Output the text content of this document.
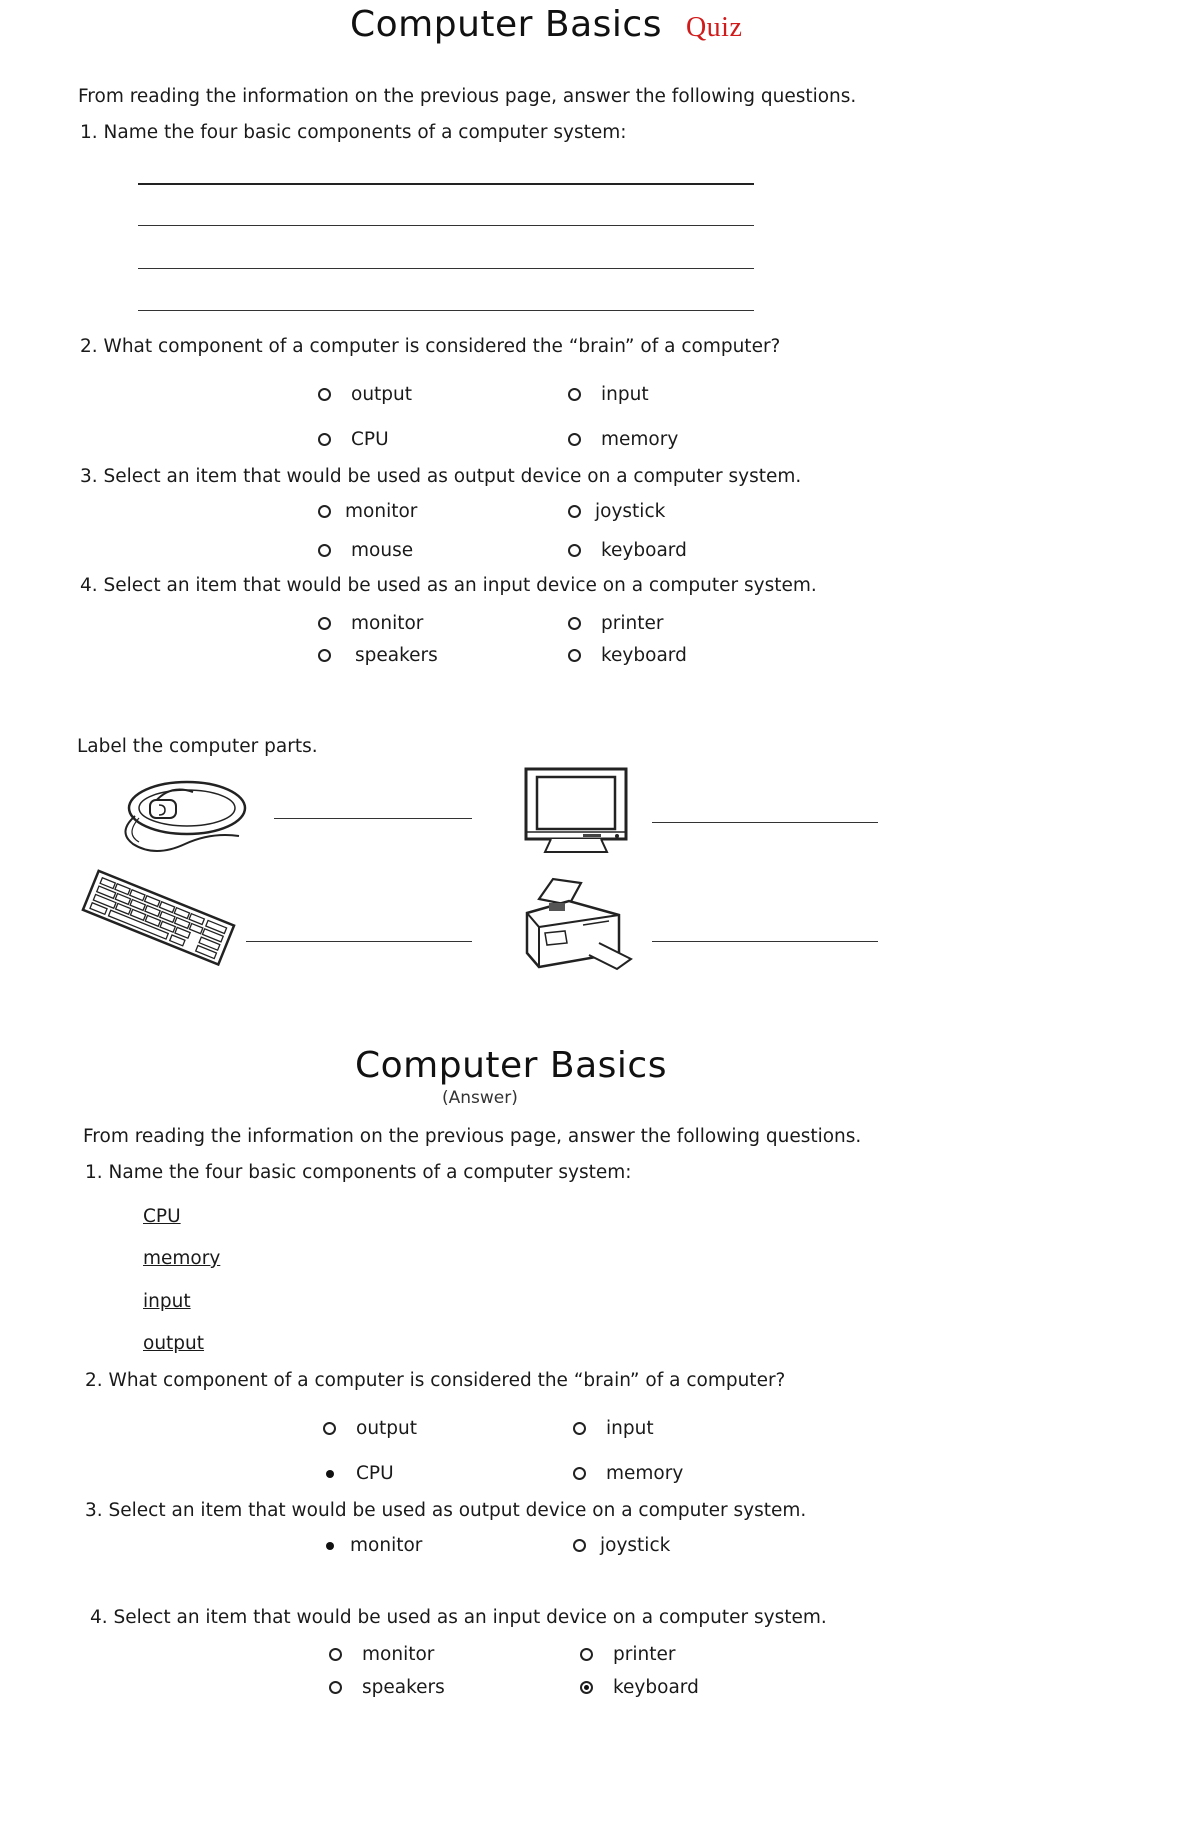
Computer Basics Quiz
From reading the information on the previous page, answer the following questions.
1. Name the four basic components of a computer system:
2. What component of a computer is considered the “brain” of a computer?
output	input
CPU	memory
3. Select an item that would be used as output device on a computer system.
monitor	joystick
mouse	keyboard
4. Select an item that would be used as an input device on a computer system.
monitor	printer
speakers	keyboard
Label the computer parts.
Computer Basics
(Answer)
From reading the information on the previous page, answer the following questions.
1. Name the four basic components of a computer system:
CPU
memory
input
output
2. What component of a computer is considered the “brain” of a computer?
output	input
CPU	memory
3. Select an item that would be used as output device on a computer system.
monitor	joystick
4. Select an item that would be used as an input device on a computer system.
monitor	printer
speakers	keyboard
